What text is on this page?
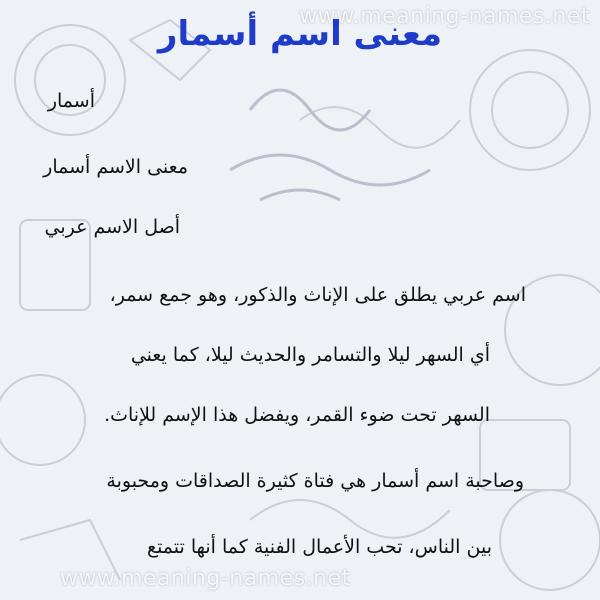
www.meaning-names.net
معنى اسم أسمار
أسمار
معنى الاسم أسمار
أصل الاسم عربي
اسم عربي يطلق على الإناث والذكور، وهو جمع سمر،
أي السهر ليلا والتسامر والحديث ليلا، كما يعني
السهر تحت ضوء القمر، ويفضل هذا الإسم للإناث.
وصاحبة اسم أسمار هي فتاة كثيرة الصداقات ومحبوبة
بين الناس، تحب الأعمال الفنية كما أنها تتمتع
www.meaning-names.net
